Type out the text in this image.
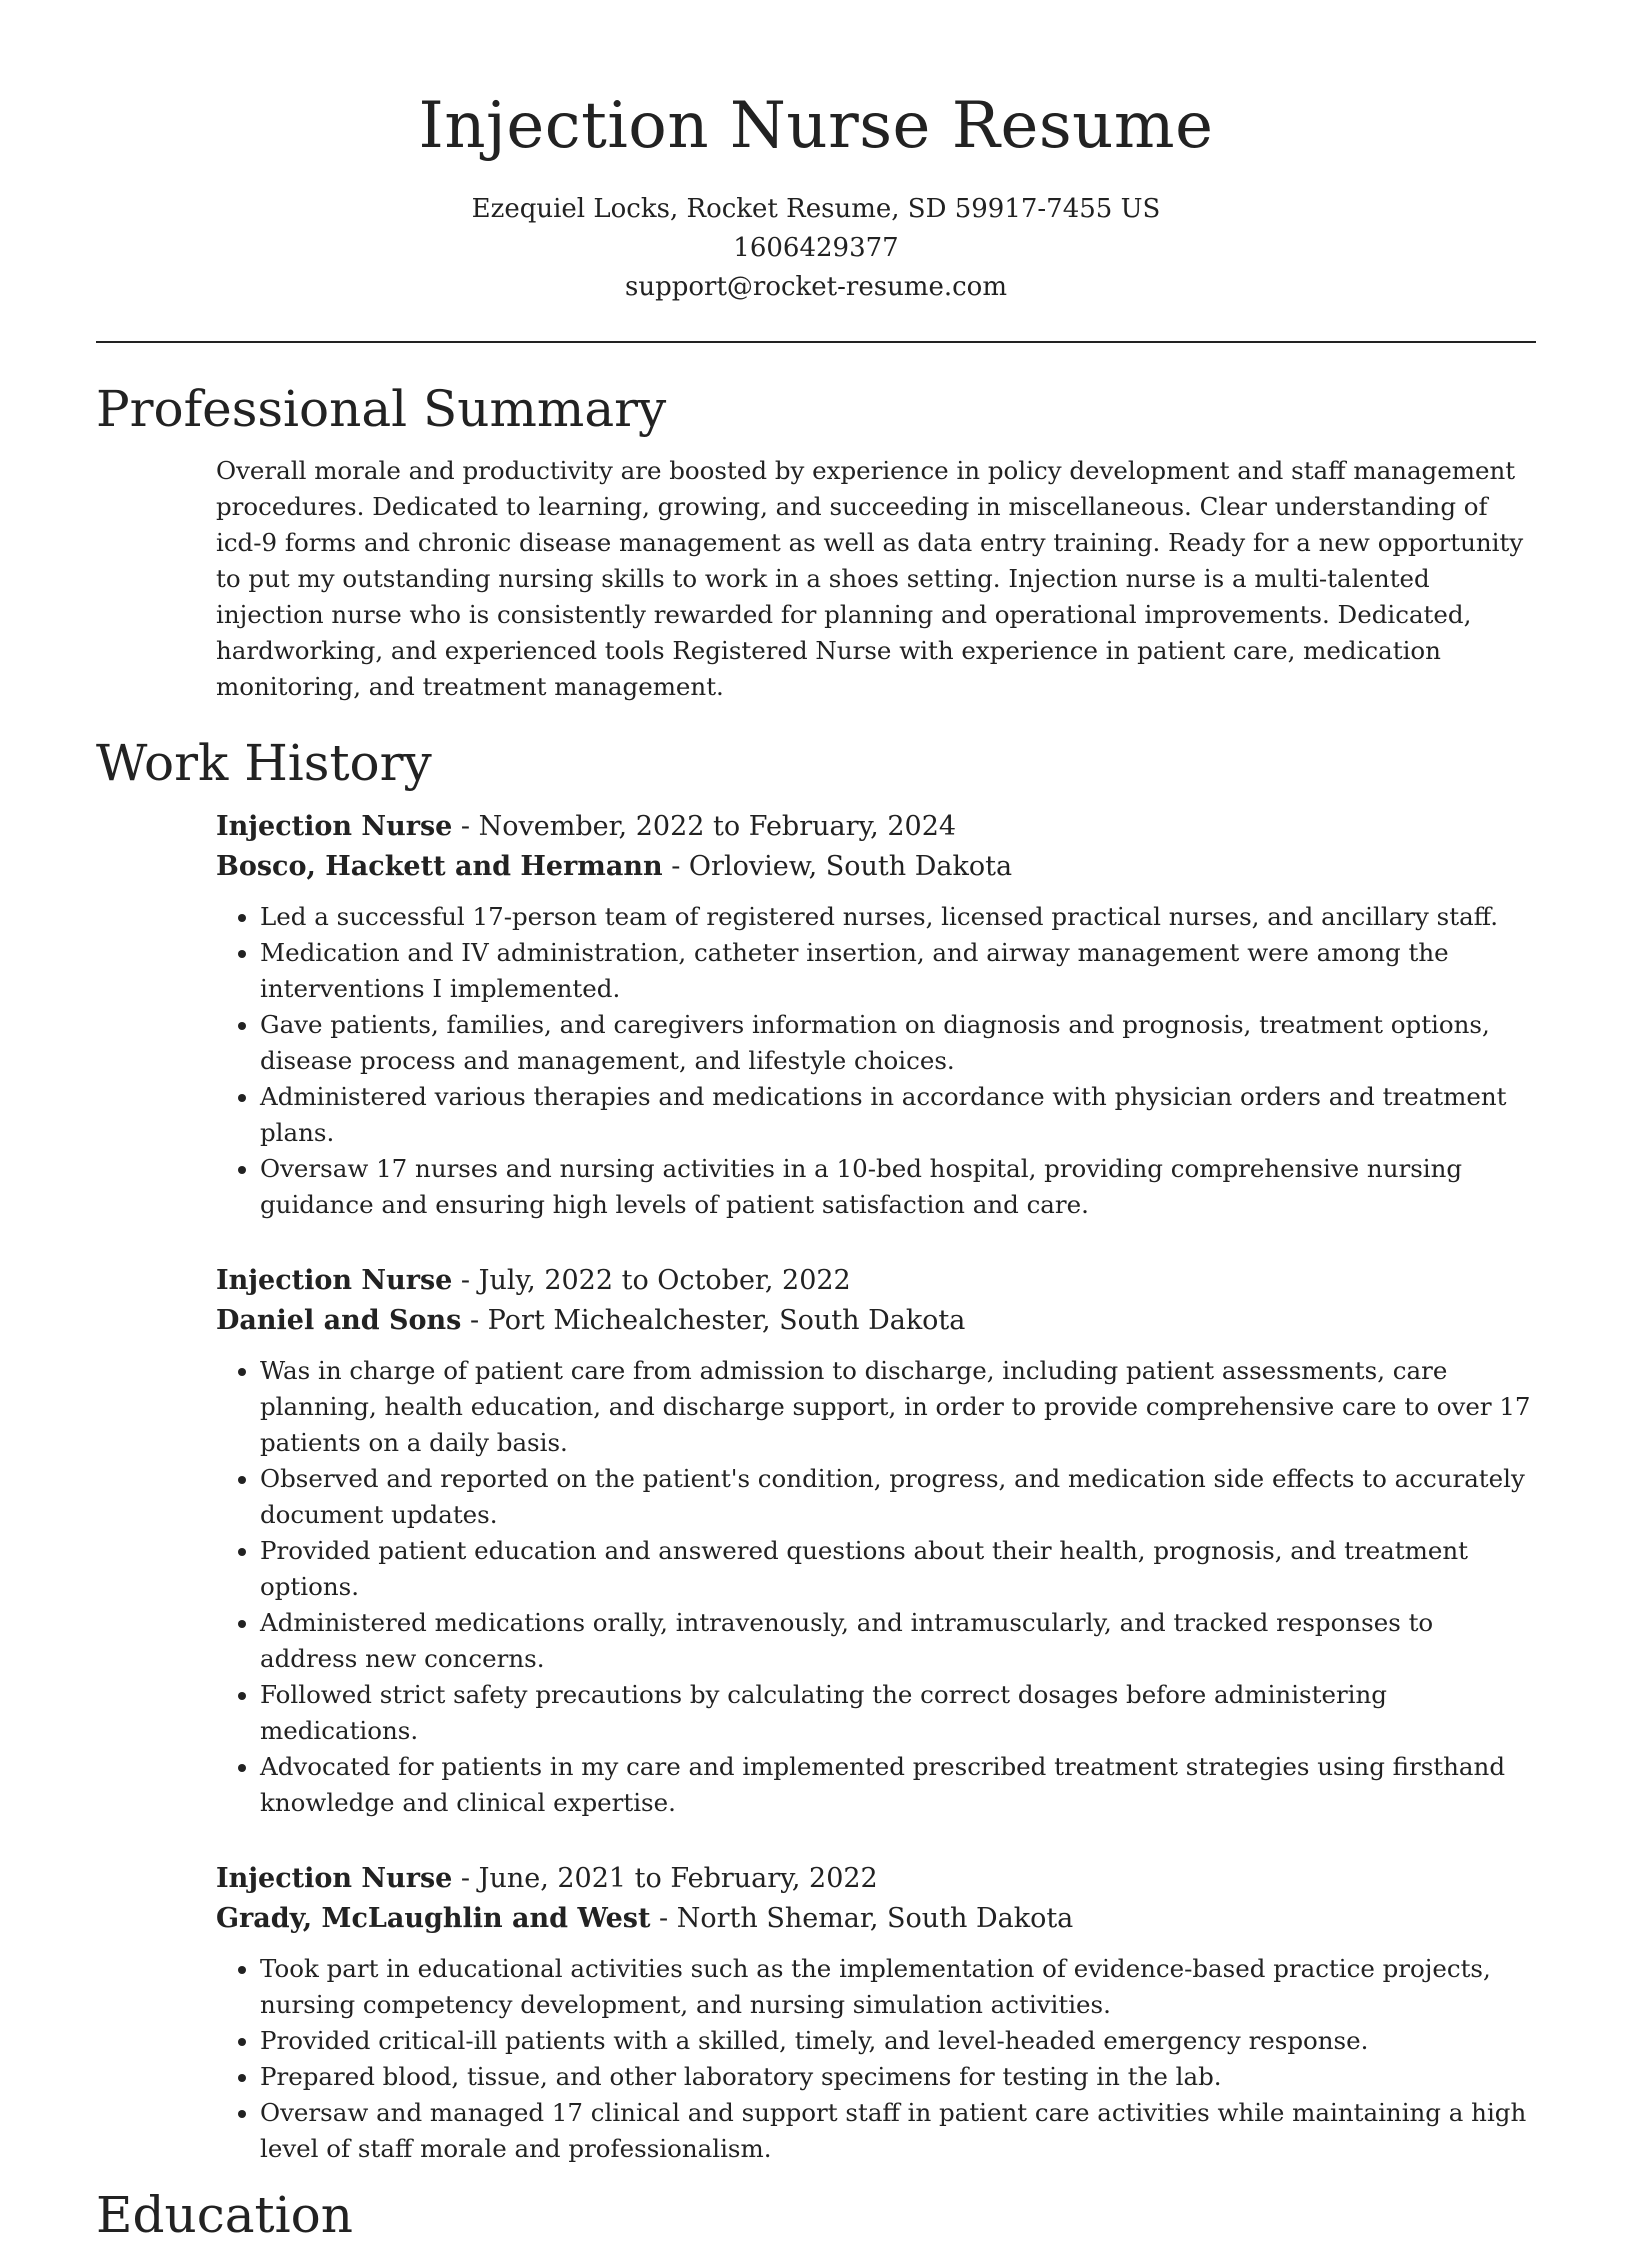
Injection Nurse Resume
Ezequiel Locks, Rocket Resume, SD 59917-7455 US
1606429377
support@rocket-resume.com
Professional Summary

Overall morale and productivity are boosted by experience in policy development and staff management procedures. Dedicated to learning, growing, and succeeding in miscellaneous. Clear understanding of icd-9 forms and chronic disease management as well as data entry training. Ready for a new opportunity to put my outstanding nursing skills to work in a shoes setting. Injection nurse is a multi-talented injection nurse who is consistently rewarded for planning and operational improvements. Dedicated, hardworking, and experienced tools Registered Nurse with experience in patient care, medication monitoring, and treatment management.

Work History
Injection Nurse - November, 2022 to February, 2024
Bosco, Hackett and Hermann - Orloview, South Dakota
• Led a successful 17-person team of registered nurses, licensed practical nurses, and ancillary staff.
• Medication and IV administration, catheter insertion, and airway management were among the interventions I implemented.
• Gave patients, families, and caregivers information on diagnosis and prognosis, treatment options, disease process and management, and lifestyle choices.
• Administered various therapies and medications in accordance with physician orders and treatment plans.
• Oversaw 17 nurses and nursing activities in a 10-bed hospital, providing comprehensive nursing guidance and ensuring high levels of patient satisfaction and care.
Injection Nurse - July, 2022 to October, 2022
Daniel and Sons - Port Michealchester, South Dakota
• Was in charge of patient care from admission to discharge, including patient assessments, care planning, health education, and discharge support, in order to provide comprehensive care to over 17 patients on a daily basis.
• Observed and reported on the patient's condition, progress, and medication side effects to accurately document updates.
• Provided patient education and answered questions about their health, prognosis, and treatment options.
• Administered medications orally, intravenously, and intramuscularly, and tracked responses to address new concerns.
• Followed strict safety precautions by calculating the correct dosages before administering medications.
• Advocated for patients in my care and implemented prescribed treatment strategies using firsthand knowledge and clinical expertise.
Injection Nurse - June, 2021 to February, 2022
Grady, McLaughlin and West - North Shemar, South Dakota
• Took part in educational activities such as the implementation of evidence-based practice projects, nursing competency development, and nursing simulation activities.
• Provided critical-ill patients with a skilled, timely, and level-headed emergency response.
• Prepared blood, tissue, and other laboratory specimens for testing in the lab.
• Oversaw and managed 17 clinical and support staff in patient care activities while maintaining a high level of staff morale and professionalism.
Education
